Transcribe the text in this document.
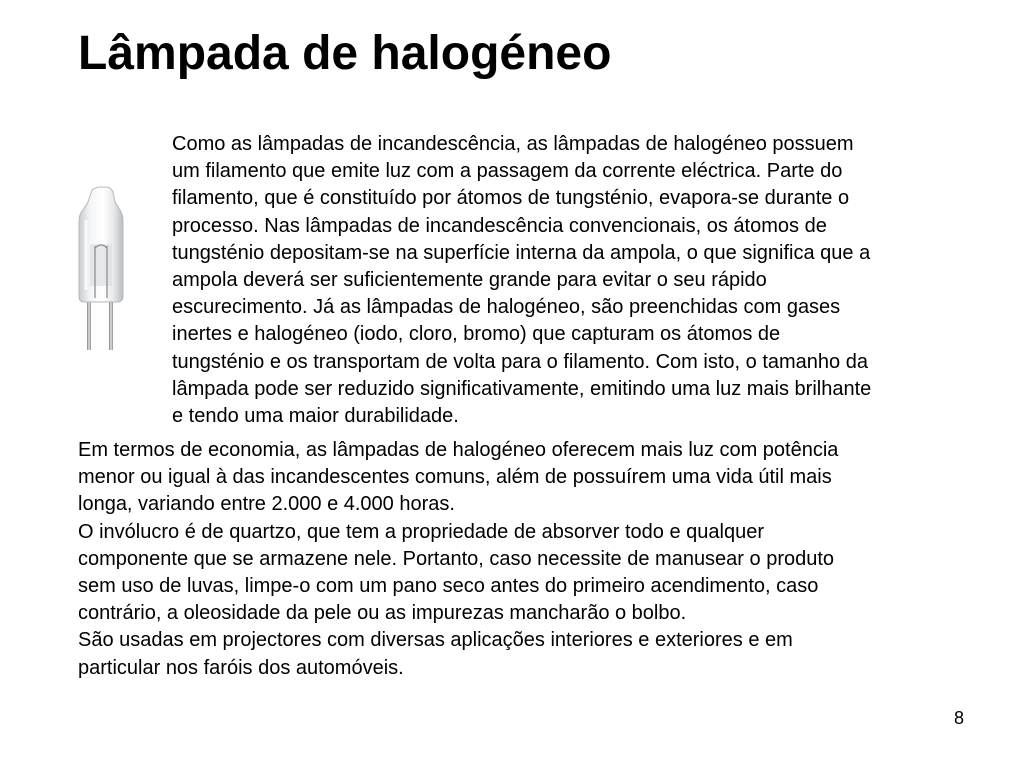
Lâmpada de halogéneo

Como as lâmpadas de incandescência, as lâmpadas de halogéneo possuem
um filamento que emite luz com a passagem da corrente eléctrica. Parte do
filamento, que é constituído por átomos de tungsténio, evapora-se durante o
processo. Nas lâmpadas de incandescência convencionais, os átomos de
tungsténio depositam-se na superfície interna da ampola, o que significa que a
ampola deverá ser suficientemente grande para evitar o seu rápido
escurecimento. Já as lâmpadas de halogéneo, são preenchidas com gases
inertes e halogéneo (iodo, cloro, bromo) que capturam os átomos de
tungsténio e os transportam de volta para o filamento. Com isto, o tamanho da
lâmpada pode ser reduzido significativamente, emitindo uma luz mais brilhante
e tendo uma maior durabilidade.

Em termos de economia, as lâmpadas de halogéneo oferecem mais luz com potência
menor ou igual à das incandescentes comuns, além de possuírem uma vida útil mais
longa, variando entre 2.000 e 4.000 horas.
O invólucro é de quartzo, que tem a propriedade de absorver todo e qualquer
componente que se armazene nele. Portanto, caso necessite de manusear o produto
sem uso de luvas, limpe-o com um pano seco antes do primeiro acendimento, caso
contrário, a oleosidade da pele ou as impurezas mancharão o bolbo.
São usadas em projectores com diversas aplicações interiores e exteriores e em
particular nos faróis dos automóveis.

8
